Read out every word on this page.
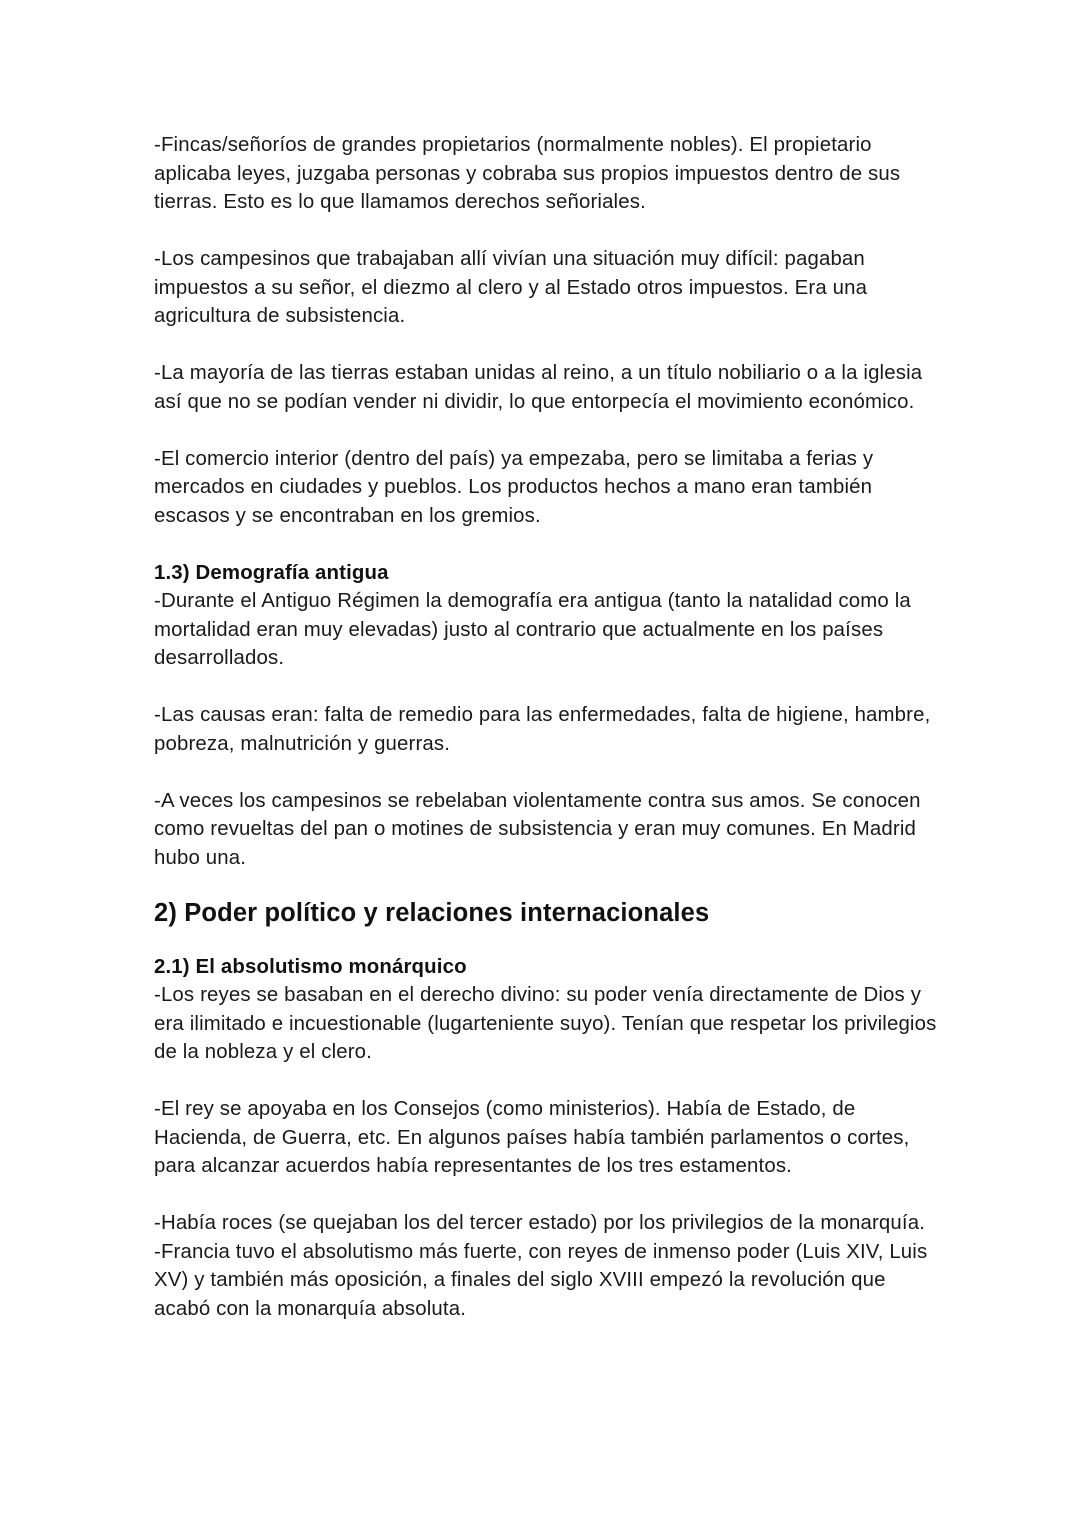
-Fincas/señoríos de grandes propietarios (normalmente nobles). El propietario aplicaba leyes, juzgaba personas y cobraba sus propios impuestos dentro de sus tierras. Esto es lo que llamamos derechos señoriales.

-Los campesinos que trabajaban allí vivían una situación muy difícil: pagaban impuestos a su señor, el diezmo al clero y al Estado otros impuestos. Era una agricultura de subsistencia.

-La mayoría de las tierras estaban unidas al reino, a un título nobiliario o a la iglesia así que no se podían vender ni dividir, lo que entorpecía el movimiento económico.

-El comercio interior (dentro del país) ya empezaba, pero se limitaba a ferias y mercados en ciudades y pueblos. Los productos hechos a mano eran también escasos y se encontraban en los gremios.

1.3) Demografía antigua

-Durante el Antiguo Régimen la demografía era antigua (tanto la natalidad como la mortalidad eran muy elevadas) justo al contrario que actualmente en los países desarrollados.

-Las causas eran: falta de remedio para las enfermedades, falta de higiene, hambre, pobreza, malnutrición y guerras.

-A veces los campesinos se rebelaban violentamente contra sus amos. Se conocen como revueltas del pan o motines de subsistencia y eran muy comunes. En Madrid hubo una.

2) Poder político y relaciones internacionales

2.1) El absolutismo monárquico

-Los reyes se basaban en el derecho divino: su poder venía directamente de Dios y era ilimitado e incuestionable (lugarteniente suyo). Tenían que respetar los privilegios de la nobleza y el clero.

-El rey se apoyaba en los Consejos (como ministerios). Había de Estado, de Hacienda, de Guerra, etc. En algunos países había también parlamentos o cortes, para alcanzar acuerdos había representantes de los tres estamentos.

-Había roces (se quejaban los del tercer estado) por los privilegios de la monarquía.

-Francia tuvo el absolutismo más fuerte, con reyes de inmenso poder (Luis XIV, Luis XV) y también más oposición, a finales del siglo XVIII empezó la revolución que acabó con la monarquía absoluta.
